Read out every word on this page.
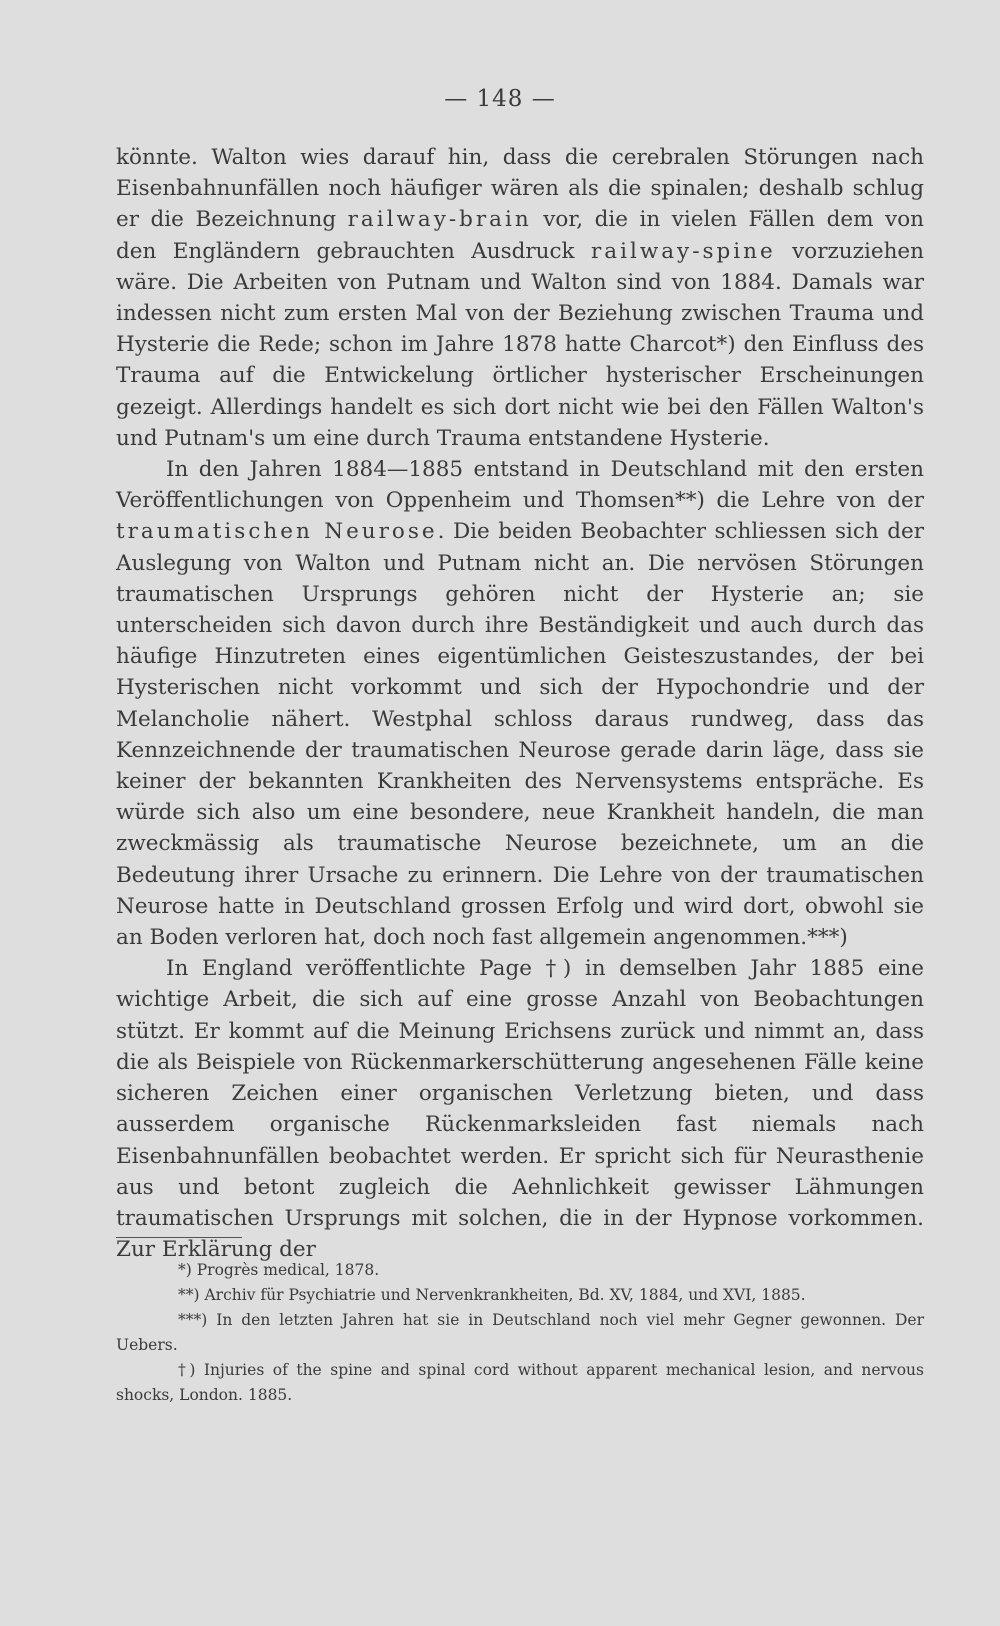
— 148 —

könnte. Walton wies darauf hin, dass die cerebralen Störungen nach Eisenbahnunfällen noch häufiger wären als die spinalen; deshalb schlug er die Bezeichnung railway-brain vor, die in vielen Fällen dem von den Engländern gebrauchten Ausdruck railway-spine vorzuziehen wäre. Die Arbeiten von Putnam und Walton sind von 1884. Damals war indessen nicht zum ersten Mal von der Beziehung zwischen Trauma und Hysterie die Rede; schon im Jahre 1878 hatte Charcot*) den Einfluss des Trauma auf die Entwickelung örtlicher hysterischer Erscheinungen gezeigt. Allerdings handelt es sich dort nicht wie bei den Fällen Walton's und Putnam's um eine durch Trauma entstandene Hysterie.

In den Jahren 1884—1885 entstand in Deutschland mit den ersten Veröffentlichungen von Oppenheim und Thomsen**) die Lehre von der traumatischen Neurose. Die beiden Beobachter schliessen sich der Auslegung von Walton und Putnam nicht an. Die nervösen Störungen traumatischen Ursprungs gehören nicht der Hysterie an; sie unterscheiden sich davon durch ihre Beständigkeit und auch durch das häufige Hinzutreten eines eigentümlichen Geisteszustandes, der bei Hysterischen nicht vorkommt und sich der Hypochondrie und der Melancholie nähert. Westphal schloss daraus rundweg, dass das Kennzeichnende der traumatischen Neurose gerade darin läge, dass sie keiner der bekannten Krankheiten des Nervensystems entspräche. Es würde sich also um eine besondere, neue Krankheit handeln, die man zweckmässig als traumatische Neurose bezeichnete, um an die Bedeutung ihrer Ursache zu erinnern. Die Lehre von der traumatischen Neurose hatte in Deutschland grossen Erfolg und wird dort, obwohl sie an Boden verloren hat, doch noch fast allgemein angenommen.***)

In England veröffentlichte Page †) in demselben Jahr 1885 eine wichtige Arbeit, die sich auf eine grosse Anzahl von Beobachtungen stützt. Er kommt auf die Meinung Erichsens zurück und nimmt an, dass die als Beispiele von Rückenmarkerschütterung angesehenen Fälle keine sicheren Zeichen einer organischen Verletzung bieten, und dass ausserdem organische Rückenmarksleiden fast niemals nach Eisenbahnunfällen beobachtet werden. Er spricht sich für Neurasthenie aus und betont zugleich die Aehnlichkeit gewisser Lähmungen traumatischen Ursprungs mit solchen, die in der Hypnose vorkommen. Zur Erklärung der

*) Progrès medical, 1878.

**) Archiv für Psychiatrie und Nervenkrankheiten, Bd. XV, 1884, und XVI, 1885.

***) In den letzten Jahren hat sie in Deutschland noch viel mehr Gegner gewonnen. Der Uebers.

†) Injuries of the spine and spinal cord without apparent mechanical lesion, and nervous shocks, London. 1885.
